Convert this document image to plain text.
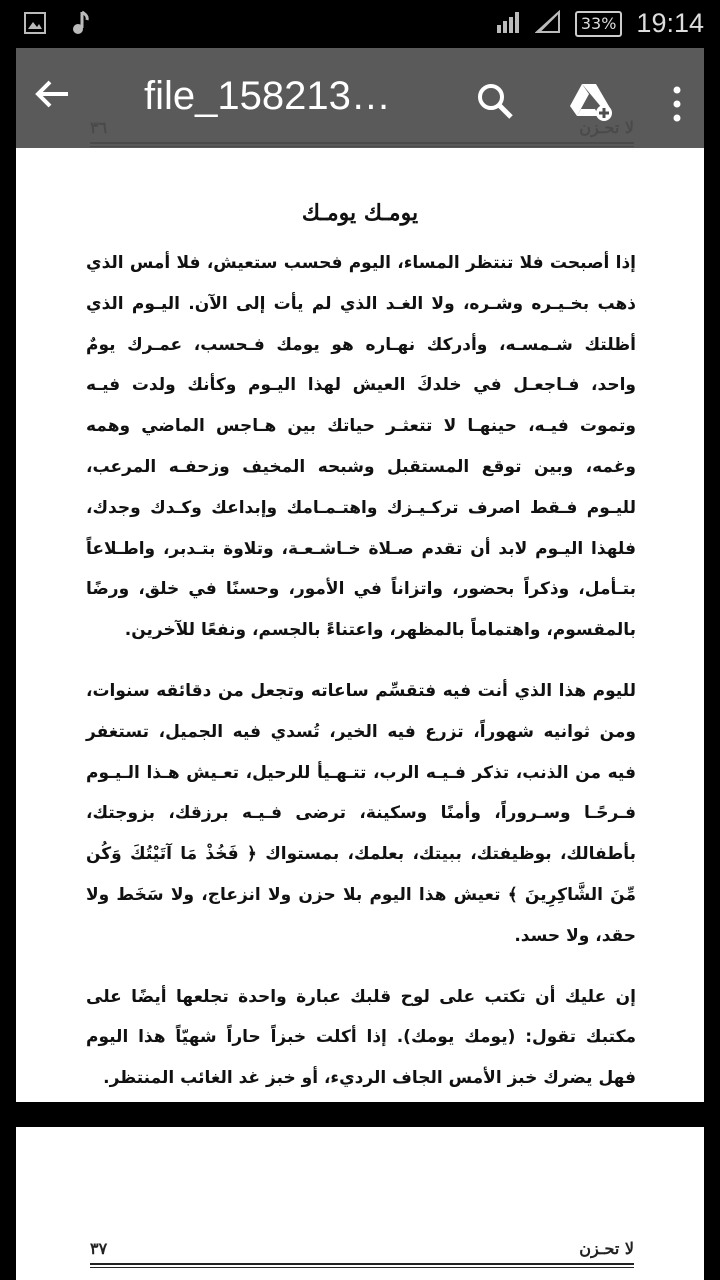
33% 19:14
يومـك يومـك

إذا أصبحت فلا تنتظر المساء، اليوم فحسب ستعيش، فلا أمس الذي ذهب بخـيـره وشـره، ولا الغـد الذي لم يأت إلى الآن. اليـوم الذي أظلتك شـمسـه، وأدركك نهـاره هو يومك فـحسب، عمـرك يومٌ واحد، فـاجعـل في خلدكَ العيش لهذا اليـوم وكأنك ولدت فيـه وتموت فيـه، حينهـا لا تتعثـر حياتك بين هـاجس الماضي وهمه وغمه، وبين توقع المستقبل وشبحه المخيف وزحفـه المرعب، لليـوم فـقط اصرف تركـيـزك واهتـمـامك وإبداعك وكـدك وجدك، فلهذا اليـوم لابد أن تقدم صـلاة خـاشـعـة، وتلاوة بتـدبر، واطـلاعاً بتـأمل، وذكراً بحضور، واتزاناً في الأمور، وحسنًا في خلق، ورضًا بالمقسوم، واهتماماً بالمظهر، واعتناءً بالجسم، ونفعًا للآخرين.

لليوم هذا الذي أنت فيه فتقسِّم ساعاته وتجعل من دقائقه سنوات، ومن ثوانيه شهوراً، تزرع فيه الخير، تُسدي فيه الجميل، تستغفر فيه من الذنب، تذكر فـيـه الرب، تتـهـيأ للرحيل، تعـيش هـذا الـيـوم فـرحًـا وسـروراً، وأمنًا وسكينة، ترضى فـيـه برزقك، بزوجتك، بأطفالك، بوظيفتك، ببيتك، بعلمك، بمستواك ﴿ فَخُذْ مَا آتَيْتُكَ وَكُن مِّنَ الشَّاكِرِينَ ﴾ تعيش هذا اليوم بلا حزن ولا انزعاج، ولا سَخَط ولا حقد، ولا حسد.

إن عليك أن تكتب على لوح قلبك عبارة واحدة تجلعها أيضًا على مكتبك تقول: (يومك يومك). إذا أكلت خبزاً حاراً شهيّاً هذا اليوم فهل يضرك خبز الأمس الجاف الرديء، أو خبز غد الغائب المنتظر.

٣٧	لا تحـزن
file_158213…
